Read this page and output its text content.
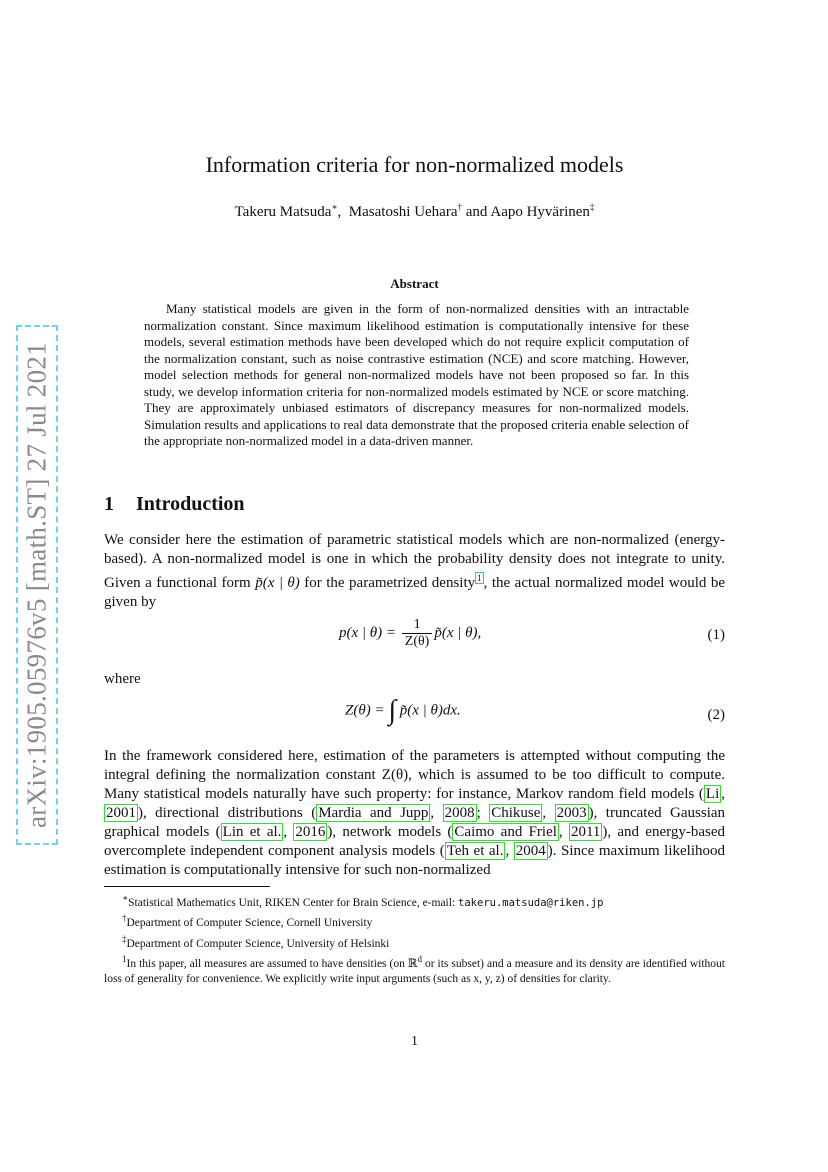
arXiv:1905.05976v5 [math.ST] 27 Jul 2021
Information criteria for non-normalized models
Takeru Matsuda∗,  Masatoshi Uehara† and Aapo Hyvärinen‡
Abstract

Many statistical models are given in the form of non-normalized densities with an intractable normalization constant. Since maximum likelihood estimation is computationally intensive for these models, several estimation methods have been developed which do not require explicit computation of the normalization constant, such as noise contrastive estimation (NCE) and score matching. However, model selection methods for general non-normalized models have not been proposed so far. In this study, we develop information criteria for non-normalized models estimated by NCE or score matching. They are approximately unbiased estimators of discrepancy measures for non-normalized models. Simulation results and applications to real data demonstrate that the proposed criteria enable selection of the appropriate non-normalized model in a data-driven manner.

1 Introduction

We consider here the estimation of parametric statistical models which are non-normalized (energy-based). A non-normalized model is one in which the probability density does not integrate to unity. Given a functional form p̃(x | θ) for the parametrized density $^1$ , the actual normalized model would be given by

p(x | $\theta) = \frac{1}{Z(\theta)}$ p̃(x | θ),	(1)

where

Z(θ) = ∫ p̃(x | θ)dx.	(2)

In the framework considered here, estimation of the parameters is attempted without computing the integral defining the normalization constant Z(θ), which is assumed to be too difficult to compute. Many statistical models naturally have such property: for instance, Markov random field models ( Li , 2001 ), directional distributions ( Mardia and Jupp , 2008 ; Chikuse , 2003 ), truncated Gaussian graphical models ( Lin et al. , 2016 ), network models ( Caimo and Friel , 2011 ), and energy-based overcomplete independent component analysis models ( Teh et al. , 2004 ). Since maximum likelihood estimation is computationally intensive for such non-normalized

∗Statistical Mathematics Unit, RIKEN Center for Brain Science, e-mail: takeru.matsuda@riken.jp

†Department of Computer Science, Cornell University

‡Department of Computer Science, University of Helsinki

$^1$In this paper, all measures are assumed to have densities (on ℝ$^d$ or its subset) and a measure and its density are identified without loss of generality for convenience. We explicitly write input arguments (such as x, y, z) of densities for clarity.

1
